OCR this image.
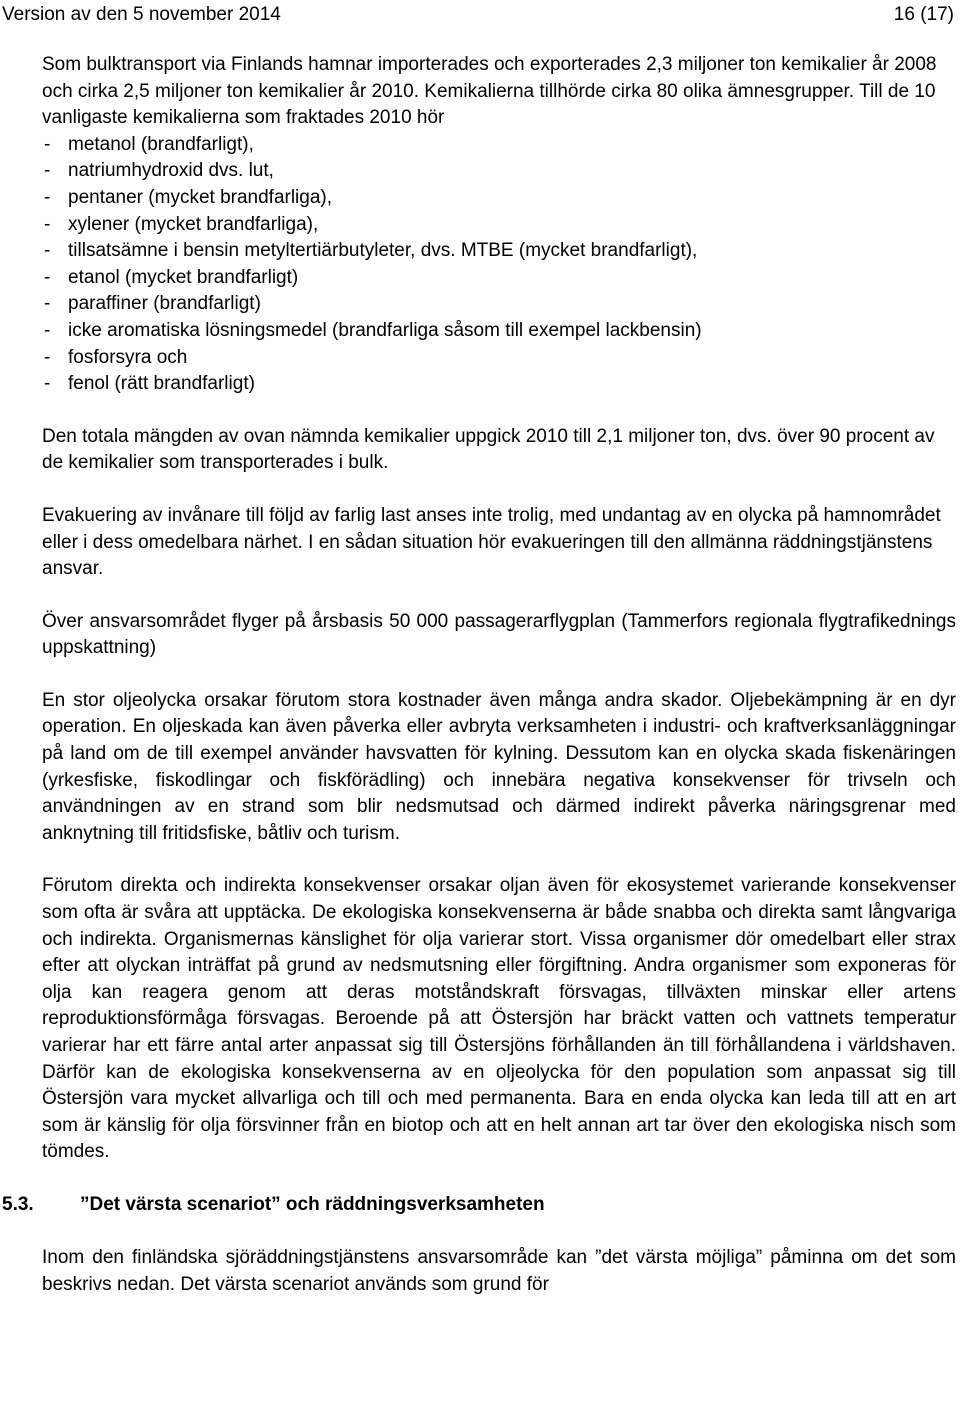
Version av den 5 november 2014	16 (17)

Som bulktransport via Finlands hamnar importerades och exporterades 2,3 miljoner ton kemikalier år 2008 och cirka 2,5 miljoner ton kemikalier år 2010. Kemikalierna tillhörde cirka 80 olika ämnesgrupper. Till de 10 vanligaste kemikalierna som fraktades 2010 hör

- metanol (brandfarligt),
- natriumhydroxid dvs. lut,
- pentaner (mycket brandfarliga),
- xylener (mycket brandfarliga),
- tillsatsämne i bensin metyltertiärbutyleter, dvs. MTBE (mycket brandfarligt),
- etanol (mycket brandfarligt)
- paraffiner (brandfarligt)
- icke aromatiska lösningsmedel (brandfarliga såsom till exempel lackbensin)
- fosforsyra och
- fenol (rätt brandfarligt)

Den totala mängden av ovan nämnda kemikalier uppgick 2010 till 2,1 miljoner ton, dvs. över 90 procent av de kemikalier som transporterades i bulk.

Evakuering av invånare till följd av farlig last anses inte trolig, med undantag av en olycka på hamnområdet eller i dess omedelbara närhet. I en sådan situation hör evakueringen till den allmänna räddningstjänstens ansvar.

Över ansvarsområdet flyger på årsbasis 50 000 passagerarflygplan (Tammerfors regionala flygtrafikednings uppskattning)

En stor oljeolycka orsakar förutom stora kostnader även många andra skador. Oljebekämpning är en dyr operation. En oljeskada kan även påverka eller avbryta verksamheten i industri- och kraftverksanläggningar på land om de till exempel använder havsvatten för kylning. Dessutom kan en olycka skada fiskenäringen (yrkesfiske, fiskodlingar och fiskförädling) och innebära negativa konsekvenser för trivseln och användningen av en strand som blir nedsmutsad och därmed indirekt påverka näringsgrenar med anknytning till fritidsfiske, båtliv och turism.

Förutom direkta och indirekta konsekvenser orsakar oljan även för ekosystemet varierande konsekvenser som ofta är svåra att upptäcka. De ekologiska konsekvenserna är både snabba och direkta samt långvariga och indirekta. Organismernas känslighet för olja varierar stort. Vissa organismer dör omedelbart eller strax efter att olyckan inträffat på grund av nedsmutsning eller förgiftning. Andra organismer som exponeras för olja kan reagera genom att deras motståndskraft försvagas, tillväxten minskar eller artens reproduktionsförmåga försvagas. Beroende på att Östersjön har bräckt vatten och vattnets temperatur varierar har ett färre antal arter anpassat sig till Östersjöns förhållanden än till förhållandena i världshaven. Därför kan de ekologiska konsekvenserna av en oljeolycka för den population som anpassat sig till Östersjön vara mycket allvarliga och till och med permanenta. Bara en enda olycka kan leda till att en art som är känslig för olja försvinner från en biotop och att en helt annan art tar över den ekologiska nisch som tömdes.

5.3. ”Det värsta scenariot” och räddningsverksamheten

Inom den finländska sjöräddningstjänstens ansvarsområde kan ”det värsta möjliga” påminna om det som beskrivs nedan. Det värsta scenariot används som grund för
